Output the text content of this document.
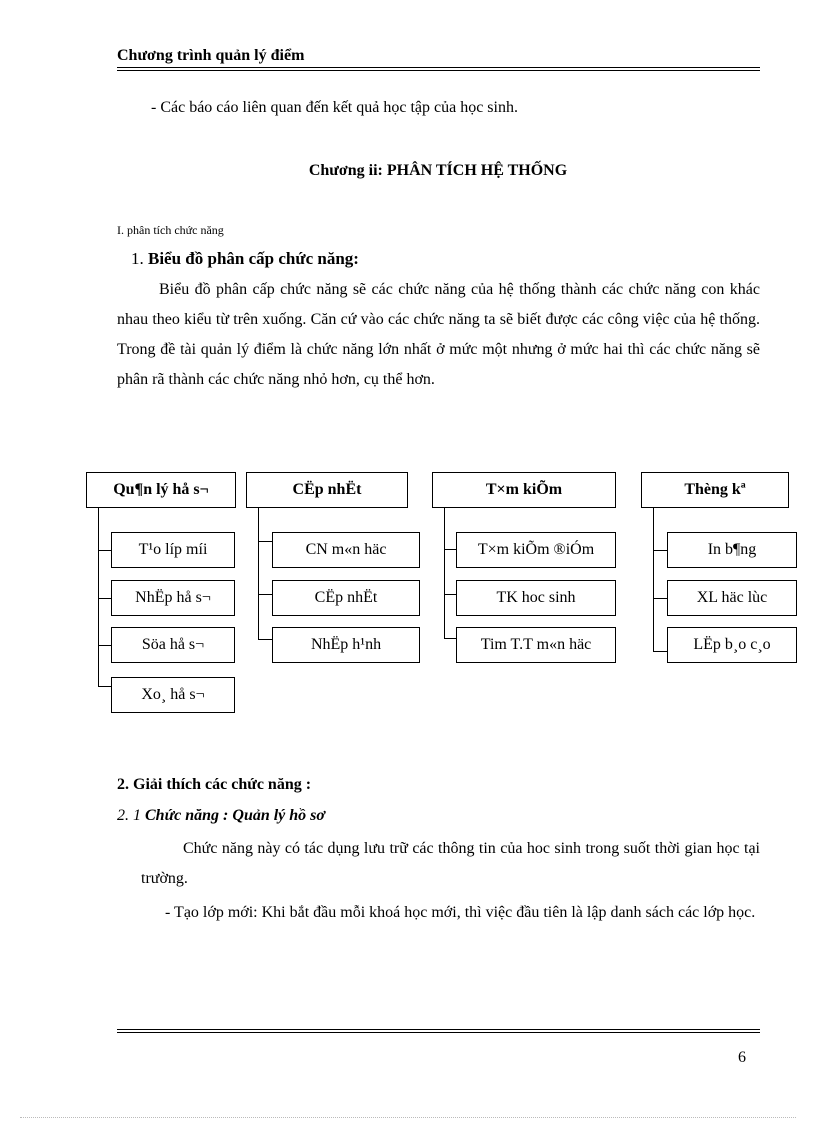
Chương trình quản lý điểm
- Các báo cáo liên quan đến kết quả học tập của học sinh.
Chương ii: PHÂN TÍCH HỆ THỐNG
I. phân tích chức năng
1. Biểu đồ phân cấp chức năng:
Biểu đồ phân cấp chức năng sẽ các chức năng của hệ thống thành các chức năng con khác nhau theo kiểu từ trên xuống. Căn cứ vào các chức năng ta sẽ biết được các công việc của hệ thống. Trong đề tài quản lý điểm là chức năng lớn nhất ở mức một nhưng ở mức hai thì các chức năng sẽ phân rã thành các chức năng nhỏ hơn, cụ thể hơn.
Qu¶n lý hå s¬
T¹o líp míi
NhËp hå s¬
Söa hå s¬
Xo¸ hå s¬
CËp nhËt
CN m«n häc
CËp nhËt
NhËp h¹nh
T×m kiÕm
T×m kiÕm ®iÓm
TK hoc sinh
Tim T.T m«n häc
Thèng kª
In b¶ng
XL häc lùc
LËp b¸o c¸o
2. Giải thích các chức năng :
2. 1 Chức năng : Quản lý hồ sơ
Chức năng này có tác dụng lưu trữ các thông tin của hoc sinh trong suốt thời gian học tại trường.
- Tạo lớp mới: Khi bắt đầu mỗi khoá học mới, thì việc đầu tiên là lập danh sách các lớp học.
6
